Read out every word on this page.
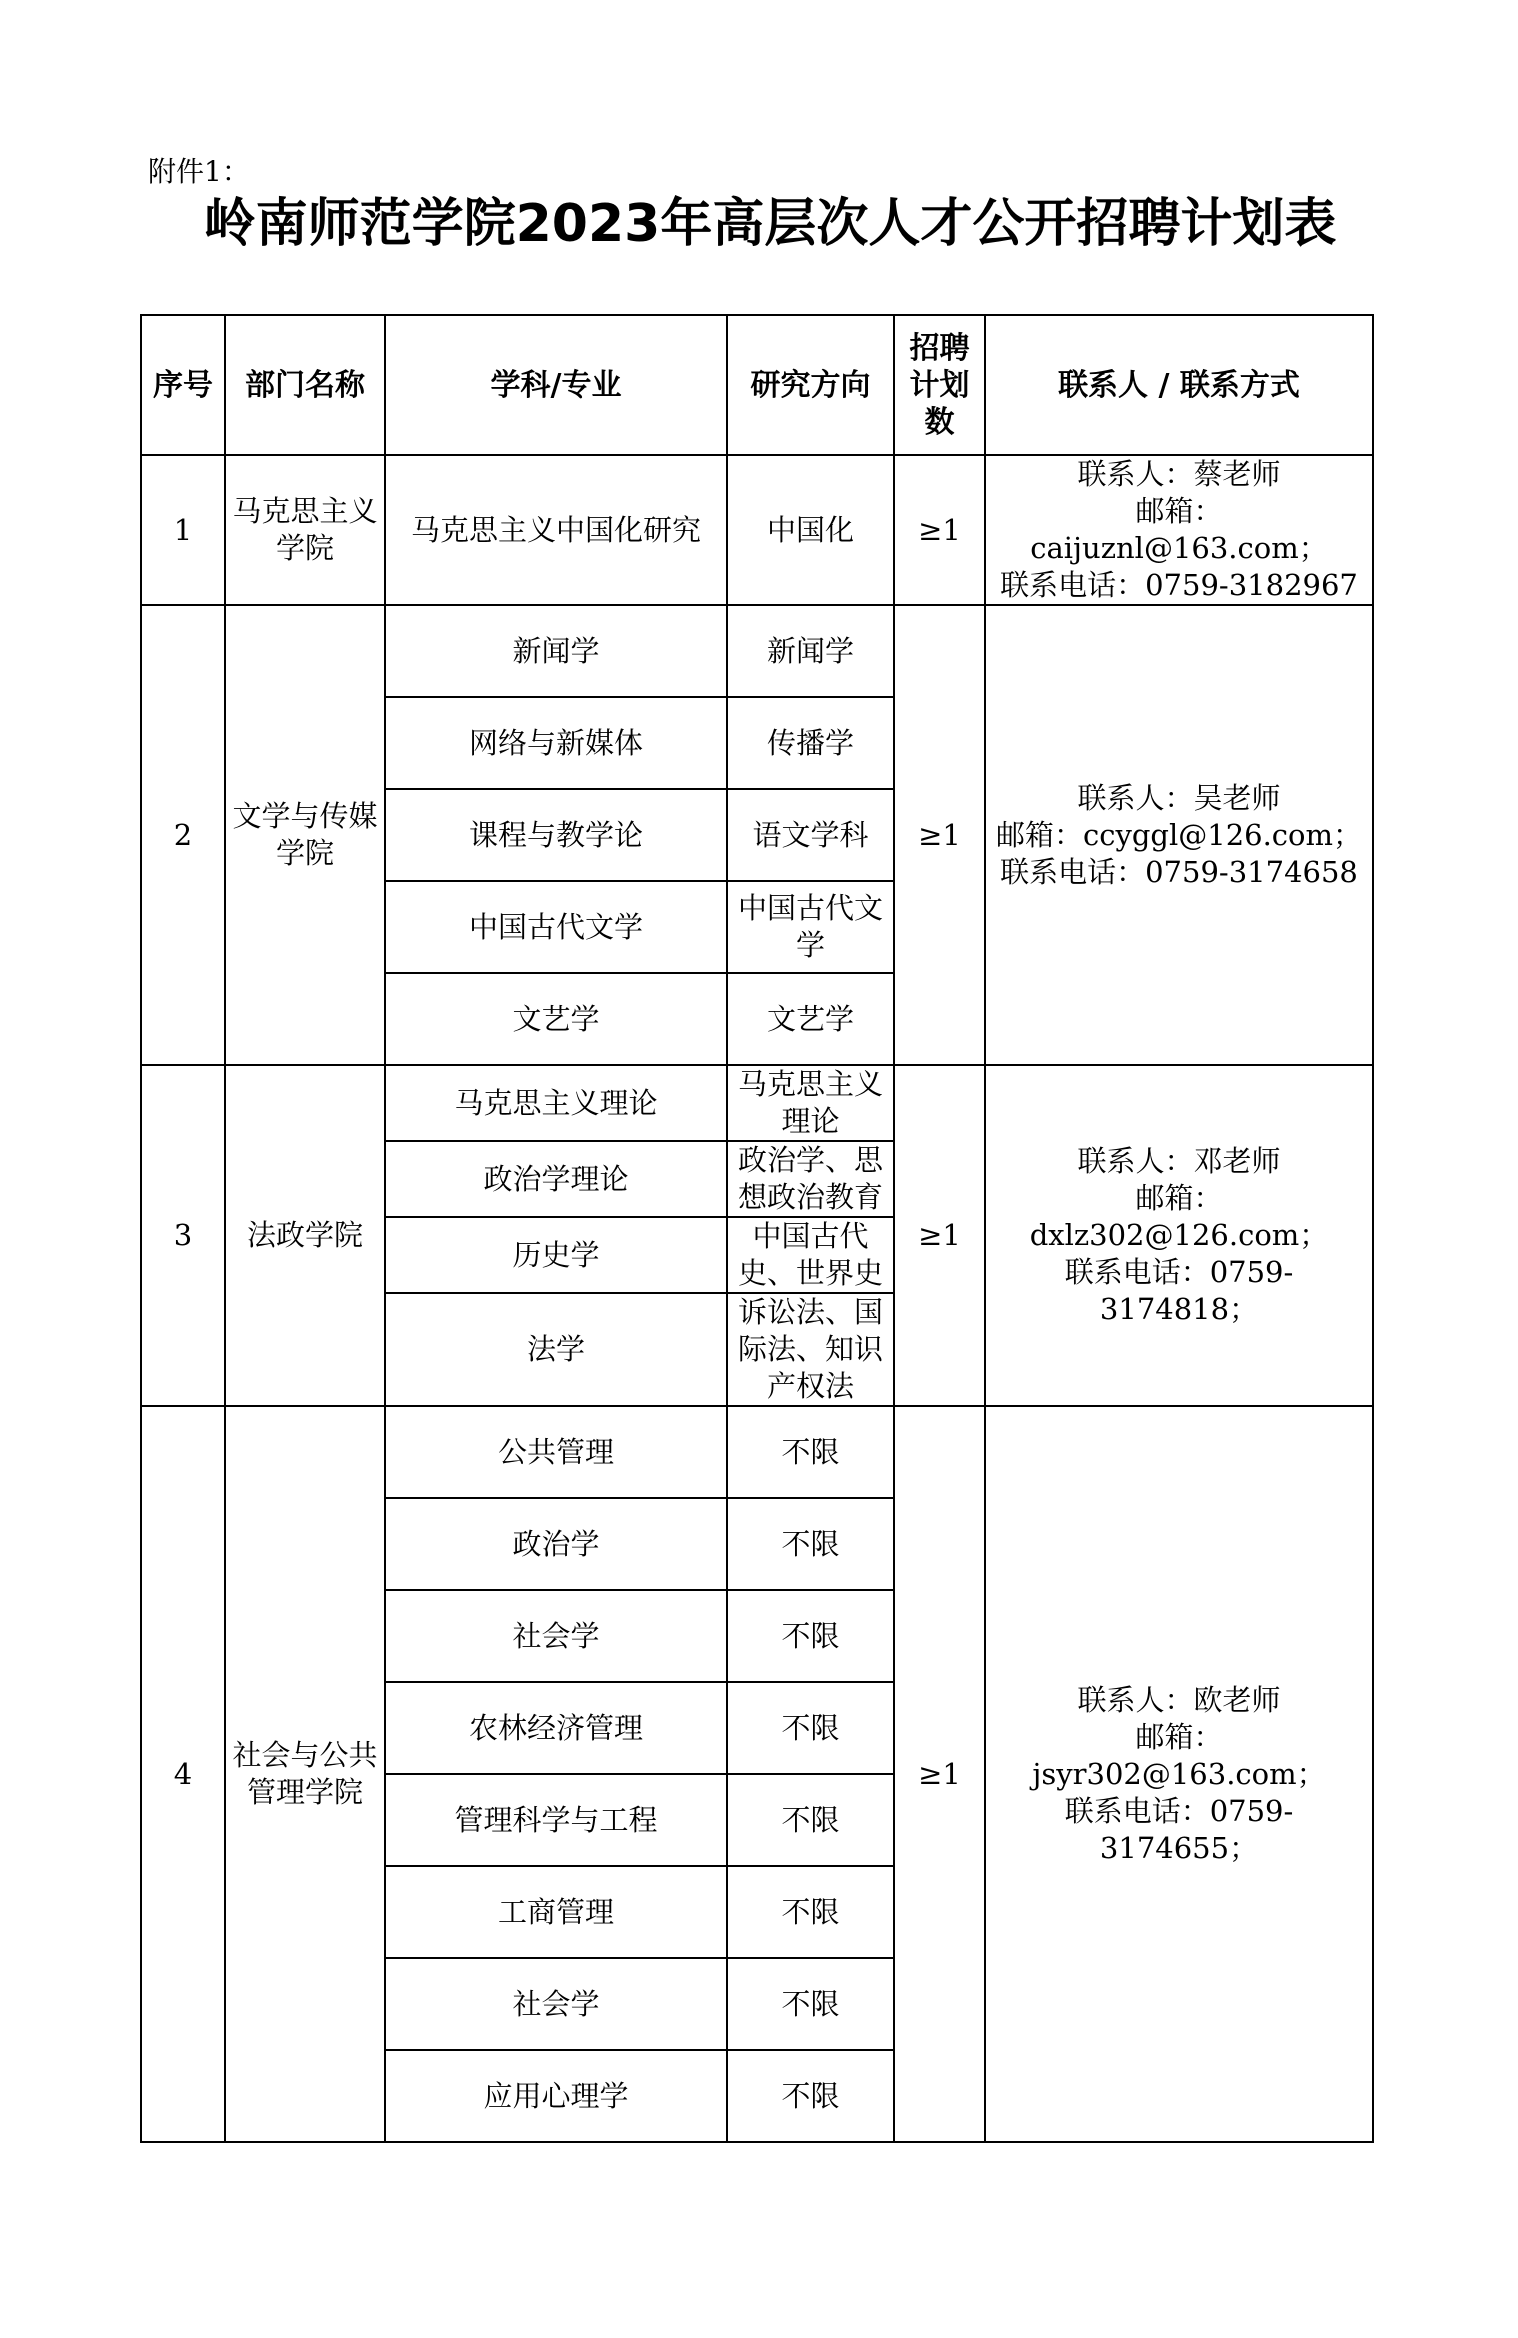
附件1：
岭南师范学院2023年高层次人才公开招聘计划表
序号	部门名称	学科/专业	研究方向	招聘计划数	联系人 / 联系方式
1	马克思主义学院	马克思主义中国化研究	中国化	≥1	联系人：蔡老师
邮箱：caijuznl@163.com；
联系电话：0759-3182967
2	文学与传媒学院	新闻学	新闻学	≥1	联系人：吴老师
邮箱：ccyggl@126.com；
联系电话：0759-3174658
		网络与新媒体	传播学		
		课程与教学论	语文学科		
		中国古代文学	中国古代文学		
		文艺学	文艺学		
3	法政学院	马克思主义理论	马克思主义理论	≥1	联系人：邓老师
邮箱：dxlz302@126.com；
联系电话：0759-3174818；
		政治学理论	政治学、思想政治教育		
		历史学	中国古代史、世界史		
		法学	诉讼法、国际法、知识产权法		
4	社会与公共管理学院	公共管理	不限	≥1	联系人：欧老师
邮箱：jsyr302@163.com；
联系电话：0759-3174655；
		政治学	不限		
		社会学	不限		
		农林经济管理	不限		
		管理科学与工程	不限		
		工商管理	不限		
		社会学	不限		
		应用心理学	不限		
